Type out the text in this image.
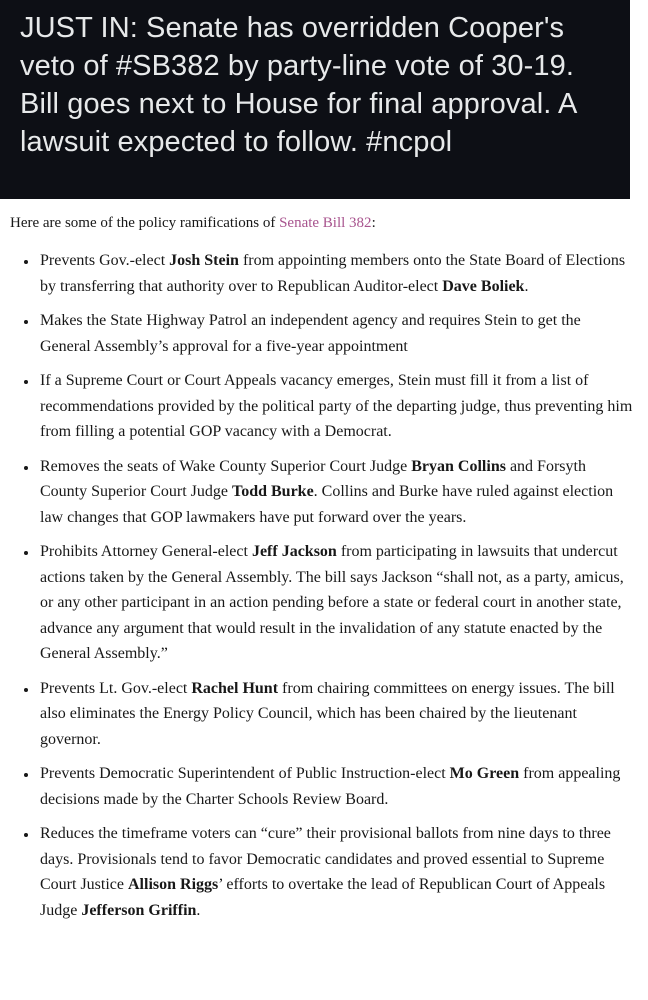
JUST IN: Senate has overridden Cooper's veto of #SB382 by party-line vote of 30-19. Bill goes next to House for final approval. A lawsuit expected to follow. #ncpol

Here are some of the policy ramifications of Senate Bill 382:

• Prevents Gov.-elect Josh Stein from appointing members onto the State Board of Elections by transferring that authority over to Republican Auditor-elect Dave Boliek.
• Makes the State Highway Patrol an independent agency and requires Stein to get the General Assembly’s approval for a five-year appointment
• If a Supreme Court or Court Appeals vacancy emerges, Stein must fill it from a list of recommendations provided by the political party of the departing judge, thus preventing him from filling a potential GOP vacancy with a Democrat.
• Removes the seats of Wake County Superior Court Judge Bryan Collins and Forsyth County Superior Court Judge Todd Burke. Collins and Burke have ruled against election law changes that GOP lawmakers have put forward over the years.
• Prohibits Attorney General-elect Jeff Jackson from participating in lawsuits that undercut actions taken by the General Assembly. The bill says Jackson “shall not, as a party, amicus, or any other participant in an action pending before a state or federal court in another state, advance any argument that would result in the invalidation of any statute enacted by the General Assembly.”
• Prevents Lt. Gov.-elect Rachel Hunt from chairing committees on energy issues. The bill also eliminates the Energy Policy Council, which has been chaired by the lieutenant governor.
• Prevents Democratic Superintendent of Public Instruction-elect Mo Green from appealing decisions made by the Charter Schools Review Board.
• Reduces the timeframe voters can “cure” their provisional ballots from nine days to three days. Provisionals tend to favor Democratic candidates and proved essential to Supreme Court Justice Allison Riggs’ efforts to overtake the lead of Republican Court of Appeals Judge Jefferson Griffin.
